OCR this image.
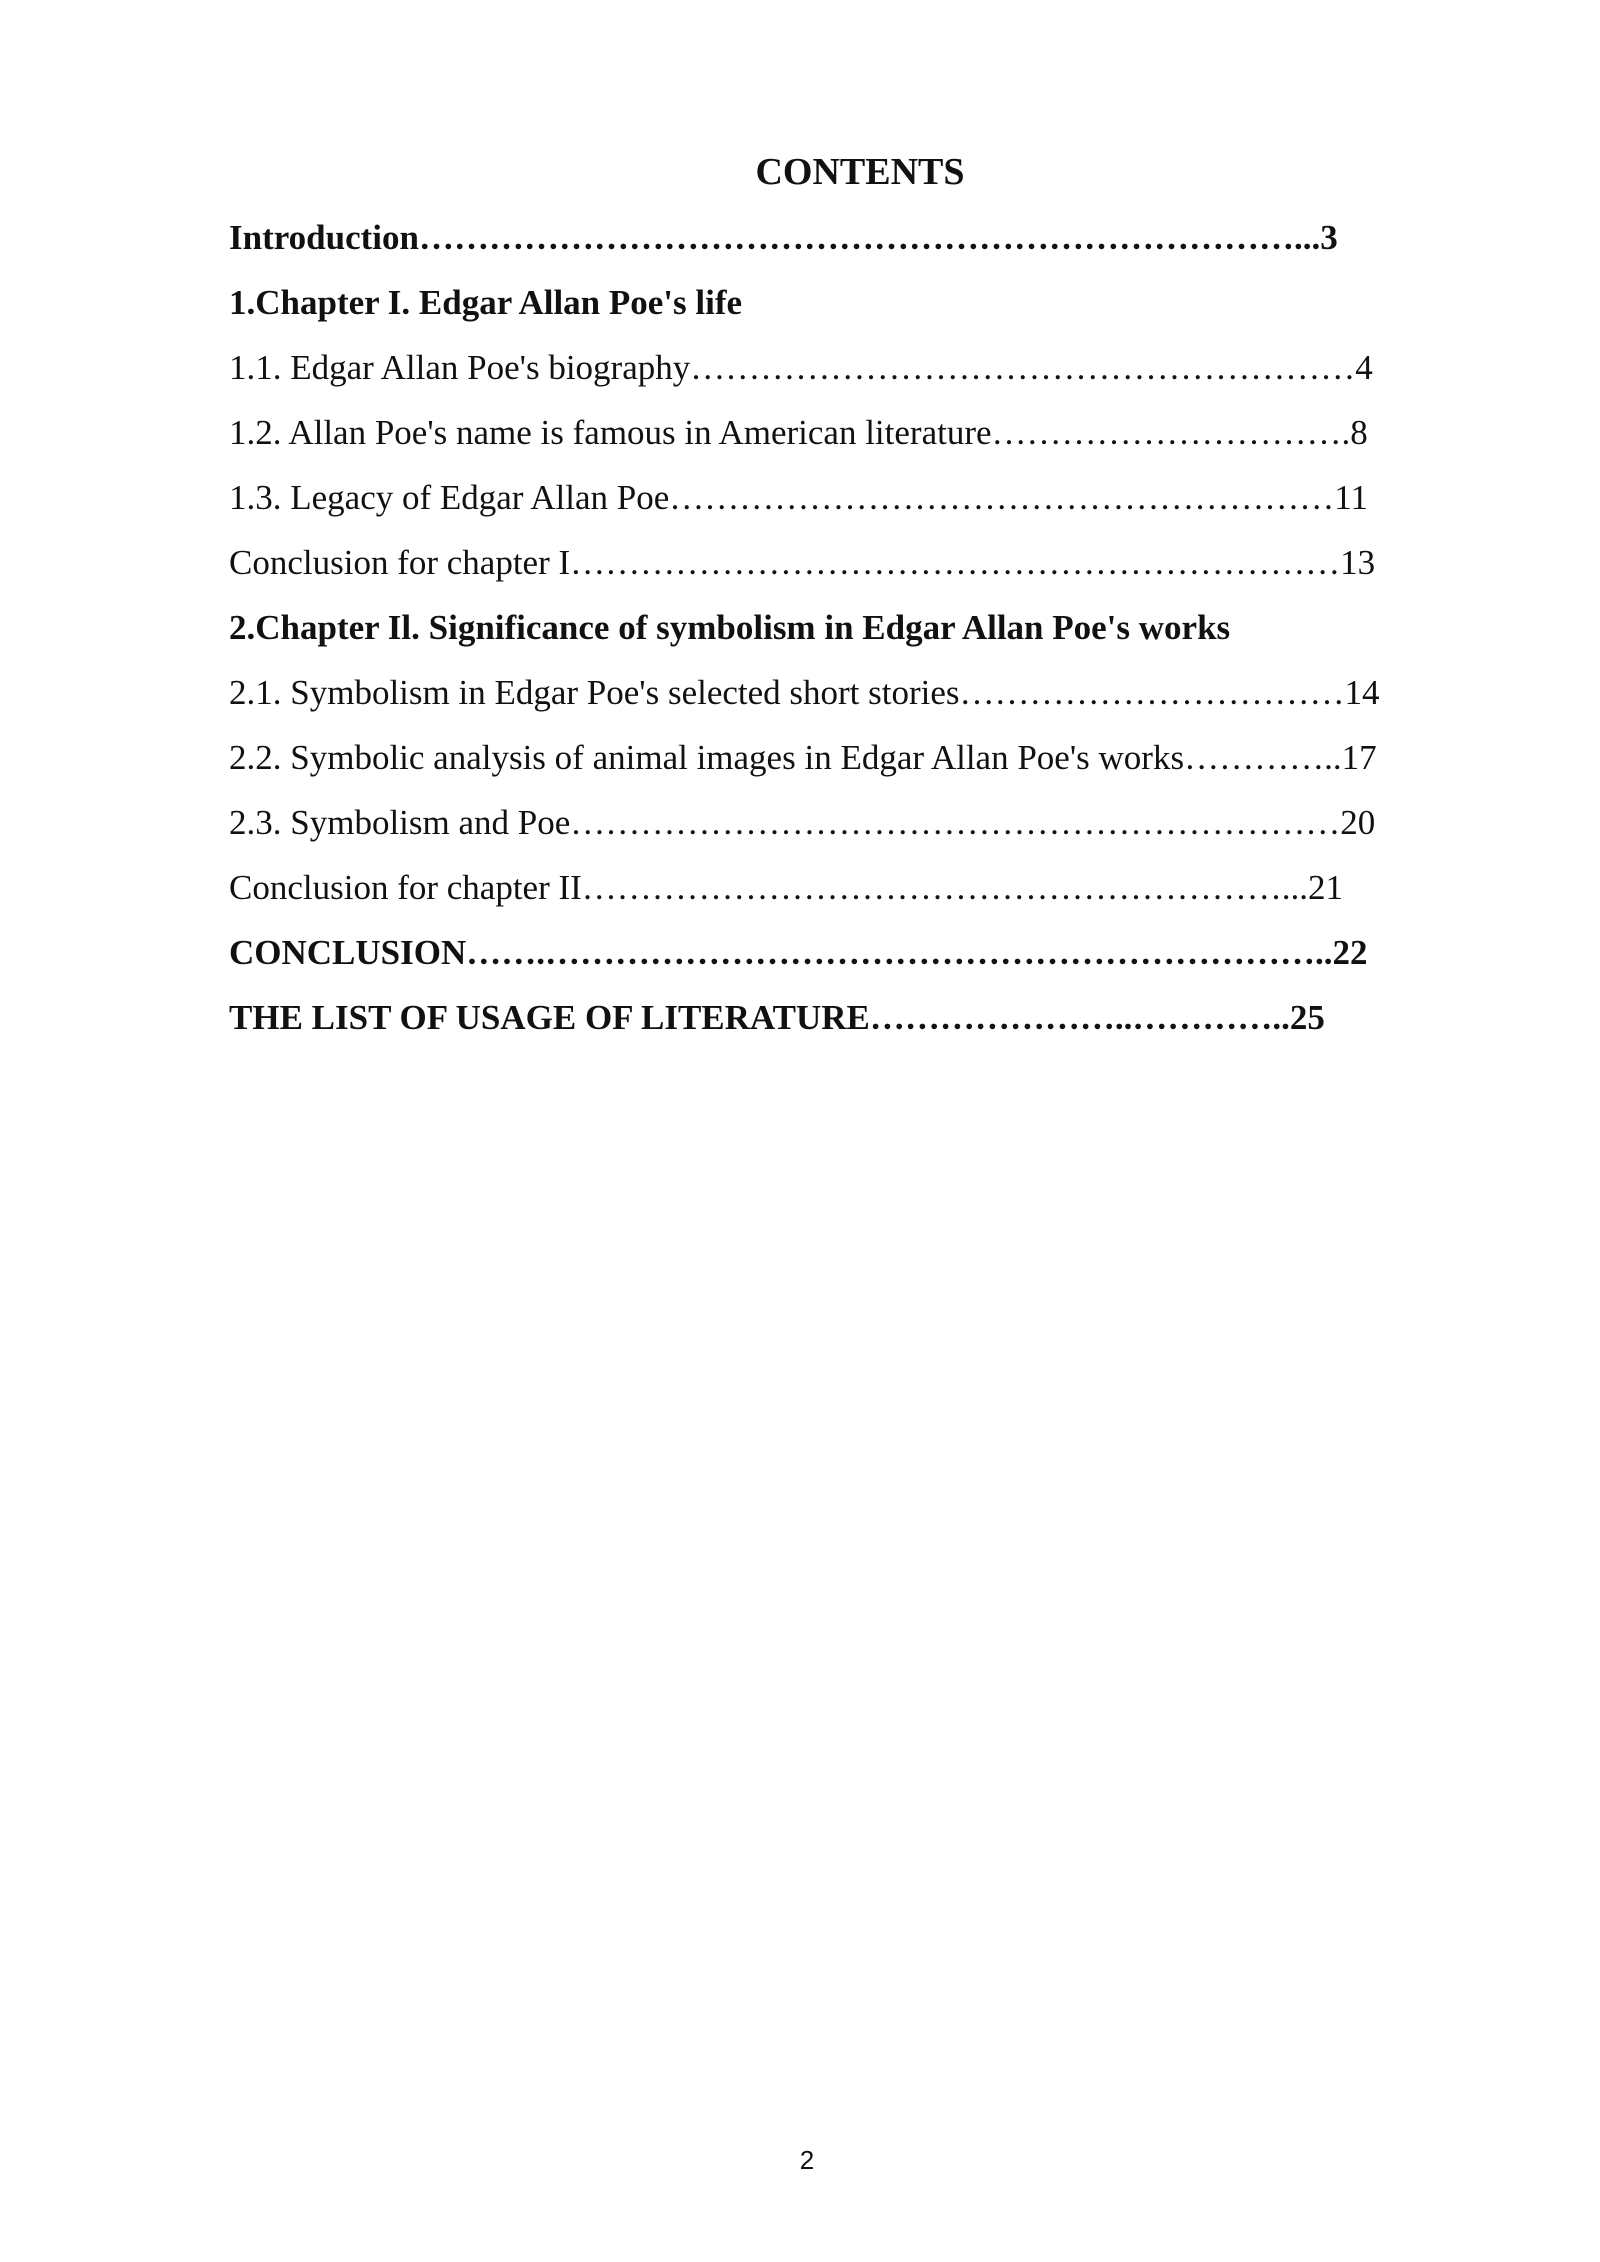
CONTENTS
Introduction…………………………………………………………………...3
1.Chapter I. Edgar Allan Poe's life
1.1. Edgar Allan Poe's biography…………………………………………………4
1.2. Allan Poe's name is famous in American literature………………………….8
1.3. Legacy of Edgar Allan Poe…………………………………………………11
Conclusion for chapter I…………………………………………………………13
2.Chapter Il. Significance of symbolism in Edgar Allan Poe's works
2.1. Symbolism in Edgar Poe's selected short stories……………………………14
2.2. Symbolic analysis of animal images in Edgar Allan Poe's works…………..17
2.3. Symbolism and Poe…………………………………………………………20
Conclusion for chapter II……………………………………………………...21
CONCLUSION…….…………………………………………………………..22
THE LIST OF USAGE OF LITERATURE…………………..…………..25
2
